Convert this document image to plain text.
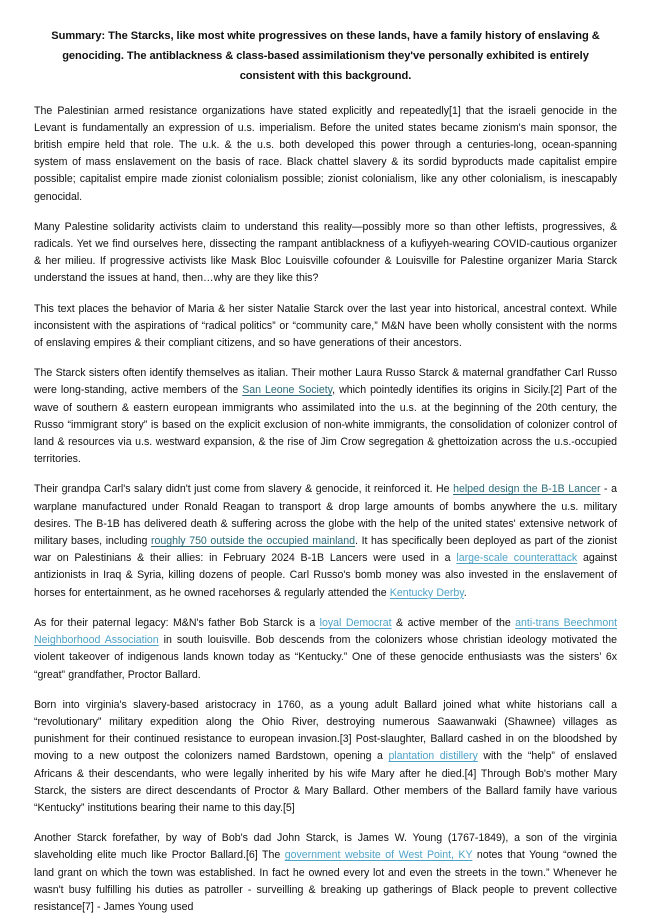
Summary: The Starcks, like most white progressives on these lands, have a family history of enslaving & genociding. The antiblackness & class-based assimilationism they've personally exhibited is entirely consistent with this background.

The Palestinian armed resistance organizations have stated explicitly and repeatedly[1] that the israeli genocide in the Levant is fundamentally an expression of u.s. imperialism. Before the united states became zionism's main sponsor, the british empire held that role. The u.k. & the u.s. both developed this power through a centuries-long, ocean-spanning system of mass enslavement on the basis of race. Black chattel slavery & its sordid byproducts made capitalist empire possible; capitalist empire made zionist colonialism possible; zionist colonialism, like any other colonialism, is inescapably genocidal.

Many Palestine solidarity activists claim to understand this reality—possibly more so than other leftists, progressives, & radicals. Yet we find ourselves here, dissecting the rampant antiblackness of a kufiyyeh-wearing COVID-cautious organizer & her milieu. If progressive activists like Mask Bloc Louisville cofounder & Louisville for Palestine organizer Maria Starck understand the issues at hand, then…why are they like this?

This text places the behavior of Maria & her sister Natalie Starck over the last year into historical, ancestral context. While inconsistent with the aspirations of “radical politics” or “community care,” M&N have been wholly consistent with the norms of enslaving empires & their compliant citizens, and so have generations of their ancestors.

The Starck sisters often identify themselves as italian. Their mother Laura Russo Starck & maternal grandfather Carl Russo were long-standing, active members of the San Leone Society, which pointedly identifies its origins in Sicily.[2] Part of the wave of southern & eastern european immigrants who assimilated into the u.s. at the beginning of the 20th century, the Russo “immigrant story” is based on the explicit exclusion of non-white immigrants, the consolidation of colonizer control of land & resources via u.s. westward expansion, & the rise of Jim Crow segregation & ghettoization across the u.s.-occupied territories.

Their grandpa Carl's salary didn't just come from slavery & genocide, it reinforced it. He helped design the B-1B Lancer - a warplane manufactured under Ronald Reagan to transport & drop large amounts of bombs anywhere the u.s. military desires. The B-1B has delivered death & suffering across the globe with the help of the united states' extensive network of military bases, including roughly 750 outside the occupied mainland. It has specifically been deployed as part of the zionist war on Palestinians & their allies: in February 2024 B-1B Lancers were used in a large-scale counterattack against antizionists in Iraq & Syria, killing dozens of people. Carl Russo's bomb money was also invested in the enslavement of horses for entertainment, as he owned racehorses & regularly attended the Kentucky Derby.

As for their paternal legacy: M&N's father Bob Starck is a loyal Democrat & active member of the anti-trans Beechmont Neighborhood Association in south louisville. Bob descends from the colonizers whose christian ideology motivated the violent takeover of indigenous lands known today as “Kentucky.” One of these genocide enthusiasts was the sisters’ 6x “great” grandfather, Proctor Ballard.

Born into virginia's slavery-based aristocracy in 1760, as a young adult Ballard joined what white historians call a “revolutionary” military expedition along the Ohio River, destroying numerous Saawanwaki (Shawnee) villages as punishment for their continued resistance to european invasion.[3] Post-slaughter, Ballard cashed in on the bloodshed by moving to a new outpost the colonizers named Bardstown, opening a plantation distillery with the “help” of enslaved Africans & their descendants, who were legally inherited by his wife Mary after he died.[4] Through Bob's mother Mary Starck, the sisters are direct descendants of Proctor & Mary Ballard. Other members of the Ballard family have various “Kentucky” institutions bearing their name to this day.[5]

Another Starck forefather, by way of Bob's dad John Starck, is James W. Young (1767-1849), a son of the virginia slaveholding elite much like Proctor Ballard.[6] The government website of West Point, KY notes that Young “owned the land grant on which the town was established. In fact he owned every lot and even the streets in the town.” Whenever he wasn't busy fulfilling his duties as patroller - surveilling & breaking up gatherings of Black people to prevent collective resistance[7] - James Young used
